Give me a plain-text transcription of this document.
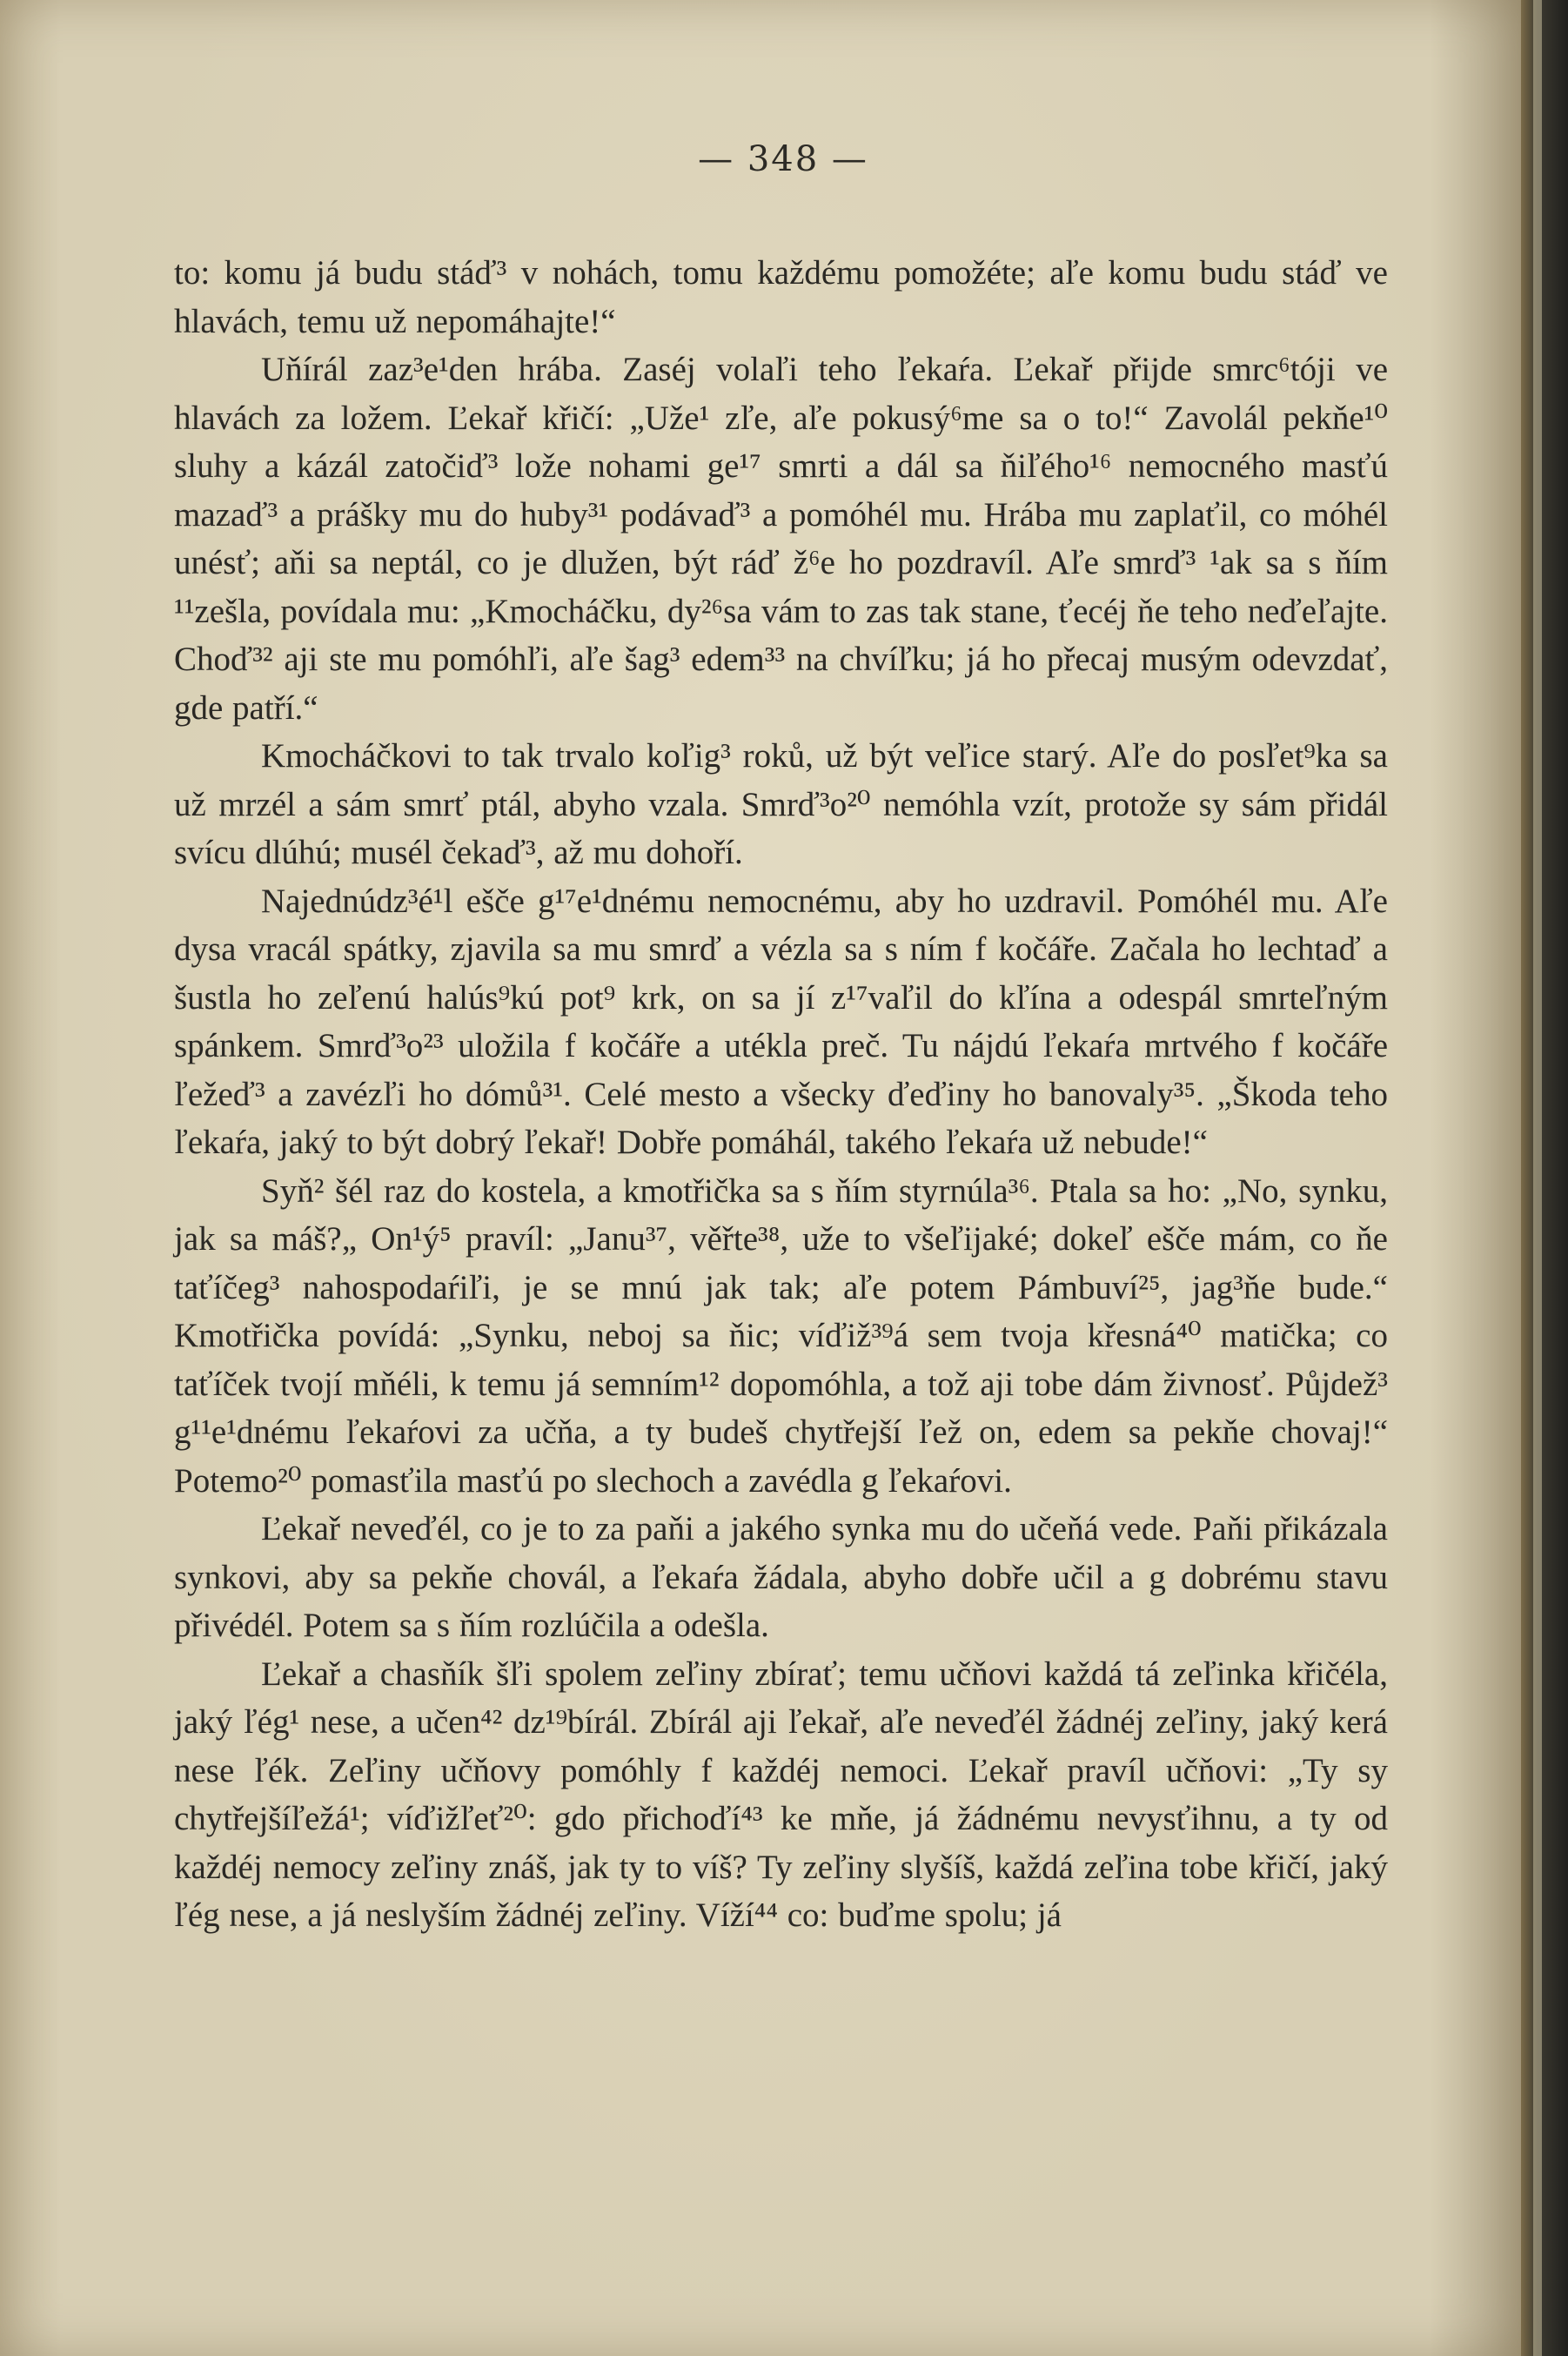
— 348 —

to: komu já budu stáď³ v nohách, tomu každému pomožéte; aľe komu budu stáď ve hlavách, temu už nepomáhajte!“

Uňírál zaz³e¹den hrába. Zaséj volaľi teho ľekaŕa. Ľekař přijde smrc⁶tóji ve hlavách za ložem. Ľekař křičí: „Uže¹ zľe, aľe pokusý⁶me sa o to!“ Zavolál pekňe¹⁰ sluhy a kázál zatočiď³ lože nohami ge¹⁷ smrti a dál sa ňiľého¹⁶ nemocného masťú mazaď³ a prášky mu do huby³¹ podávaď³ a pomóhél mu. Hrába mu zaplaťil, co móhél unésť; aňi sa neptál, co je dlužen, být ráď ž⁶e ho pozdravíl. Aľe smrď³ ¹ak sa s ňím ¹¹zešla, povídala mu: „Kmocháčku, dy²⁶sa vám to zas tak stane, ťecéj ňe teho neďeľajte. Choď³² aji ste mu pomóhľi, aľe šag³ edem³³ na chvíľku; já ho přecaj musým odevzdať, gde patří.“

Kmocháčkovi to tak trvalo koľig³ roků, už být veľice starý. Aľe do posľet⁹ka sa už mrzél a sám smrť ptál, abyho vzala. Smrď³o²⁰ nemóhla vzít, protože sy sám přidál svícu dlúhú; musél čekaď³, až mu dohoří.

Najednúdz³é¹l ešče g¹⁷e¹dnému nemocnému, aby ho uzdravil. Pomóhél mu. Aľe dysa vracál spátky, zjavila sa mu smrď a vézla sa s ním f kočáře. Začala ho lechtaď a šustla ho zeľenú halús⁹kú pot⁹ krk, on sa jí z¹⁷vaľil do kľína a odespál smrteľným spánkem. Smrď³o²³ uložila f kočáře a utékla preč. Tu nájdú ľekaŕa mrtvého f kočáře ľežeď³ a zavézľi ho dómů³¹. Celé mesto a všecky ďeďiny ho banovaly³⁵. „Škoda teho ľekaŕa, jaký to být dobrý ľekař! Dobře pomáhál, takého ľekaŕa už nebude!“

Syň² šél raz do kostela, a kmotřička sa s ňím styrnúla³⁶. Ptala sa ho: „No, synku, jak sa máš?„ On¹ý⁵ pravíl: „Janu³⁷, věřte³⁸, uže to všeľijaké; dokeľ ešče mám, co ňe taťíčeg³ nahospodaŕiľi, je se mnú jak tak; aľe potem Pámbuví²⁵, jag³ňe bude.“ Kmotřička povídá: „Synku, neboj sa ňic; víďiž³⁹á sem tvoja křesná⁴⁰ matička; co taťíček tvojí mňéli, k temu já semním¹² dopomóhla, a tož aji tobe dám živnosť. Půjdež³ g¹¹e¹dnému ľekaŕovi za učňa, a ty budeš chytřejší ľež on, edem sa pekňe chovaj!“ Potemo²⁰ pomasťila masťú po slechoch a zavédla g ľekaŕovi.

Ľekař neveďél, co je to za paňi a jakého synka mu do učeňá vede. Paňi přikázala synkovi, aby sa pekňe chovál, a ľekaŕa žádala, abyho dobře učil a g dobrému stavu přivédél. Potem sa s ňím rozlúčila a odešla.

Ľekař a chasňík šľi spolem zeľiny zbírať; temu učňovi každá tá zeľinka křičéla, jaký ľég¹ nese, a učen⁴² dz¹⁹bírál. Zbírál aji ľekař, aľe neveďél žádnéj zeľiny, jaký kerá nese ľék. Zeľiny učňovy pomóhly f každéj nemoci. Ľekař pravíl učňovi: „Ty sy chytřejšíľežá¹; víďižľeť²⁰: gdo přichoďí⁴³ ke mňe, já žádnému nevysťihnu, a ty od každéj nemocy zeľiny znáš, jak ty to víš? Ty zeľiny slyšíš, každá zeľina tobe křičí, jaký ľég nese, a já neslyším žádnéj zeľiny. Víží⁴⁴ co: buďme spolu; já
